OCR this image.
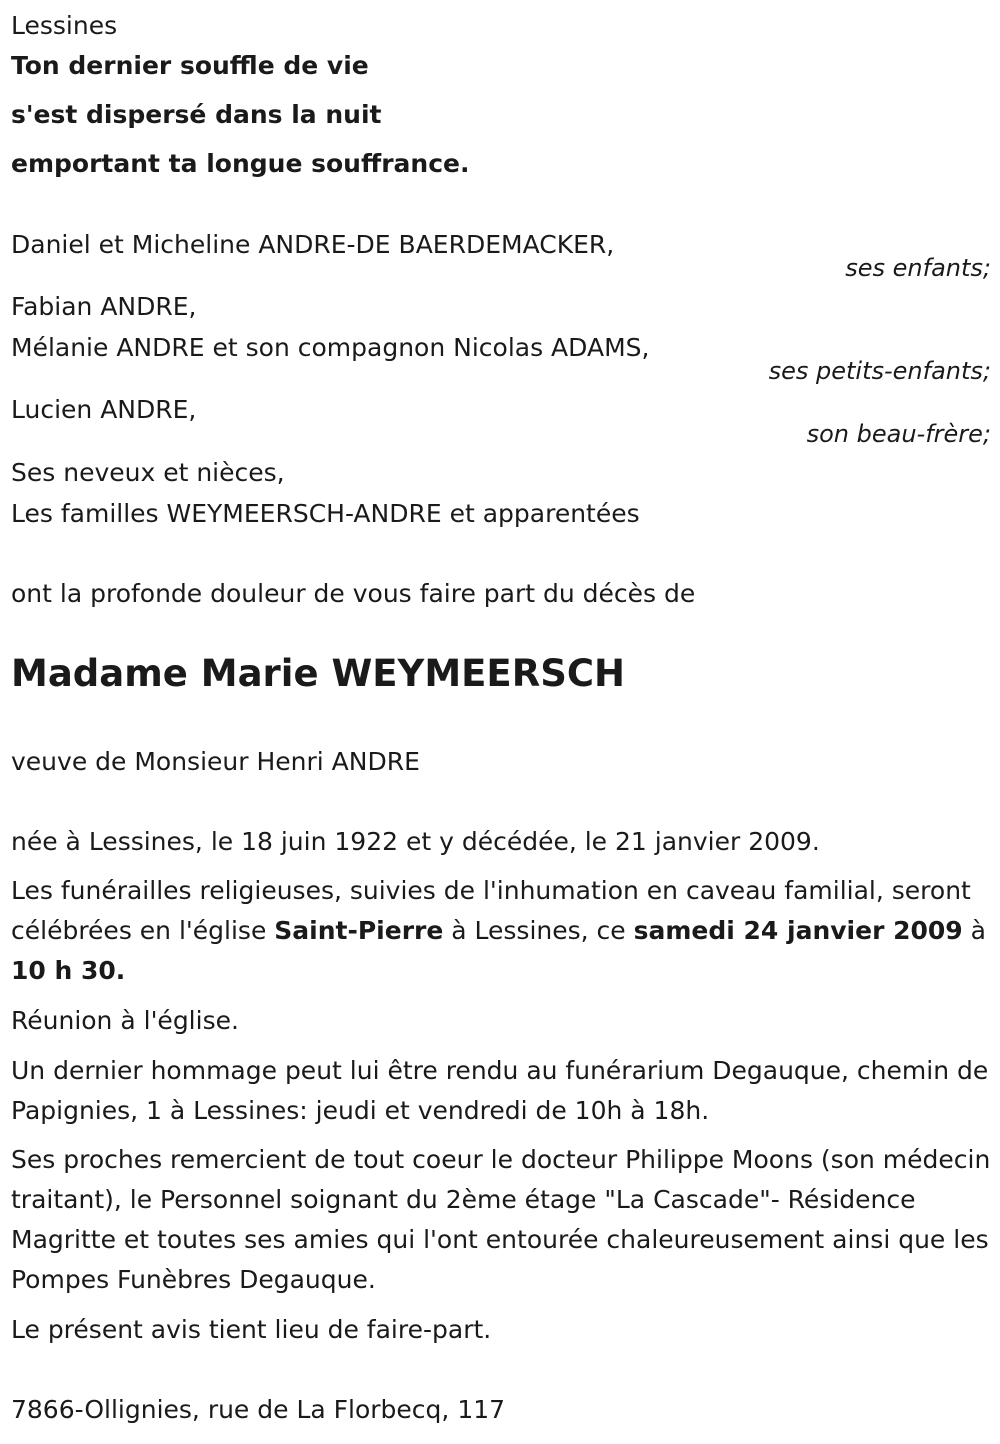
Lessines
Ton dernier souffle de vie
s'est dispersé dans la nuit
emportant ta longue souffrance.
Daniel et Micheline ANDRE-DE BAERDEMACKER,
ses enfants;
Fabian ANDRE,
Mélanie ANDRE et son compagnon Nicolas ADAMS,
ses petits-enfants;
Lucien ANDRE,
son beau-frère;
Ses neveux et nièces,
Les familles WEYMEERSCH-ANDRE et apparentées
ont la profonde douleur de vous faire part du décès de
Madame Marie WEYMEERSCH
veuve de Monsieur Henri ANDRE
née à Lessines, le 18 juin 1922 et y décédée, le 21 janvier 2009.
Les funérailles religieuses, suivies de l'inhumation en caveau familial, seront célébrées en l'église Saint-Pierre à Lessines, ce samedi 24 janvier 2009 à 10 h 30.
Réunion à l'église.
Un dernier hommage peut lui être rendu au funérarium Degauque, chemin de Papignies, 1 à Lessines: jeudi et vendredi de 10h à 18h.
Ses proches remercient de tout coeur le docteur Philippe Moons (son médecin traitant), le Personnel soignant du 2ème étage "La Cascade"- Résidence Magritte et toutes ses amies qui l'ont entourée chaleureusement ainsi que les Pompes Funèbres Degauque.
Le présent avis tient lieu de faire-part.
7866-Ollignies, rue de La Florbecq, 117
